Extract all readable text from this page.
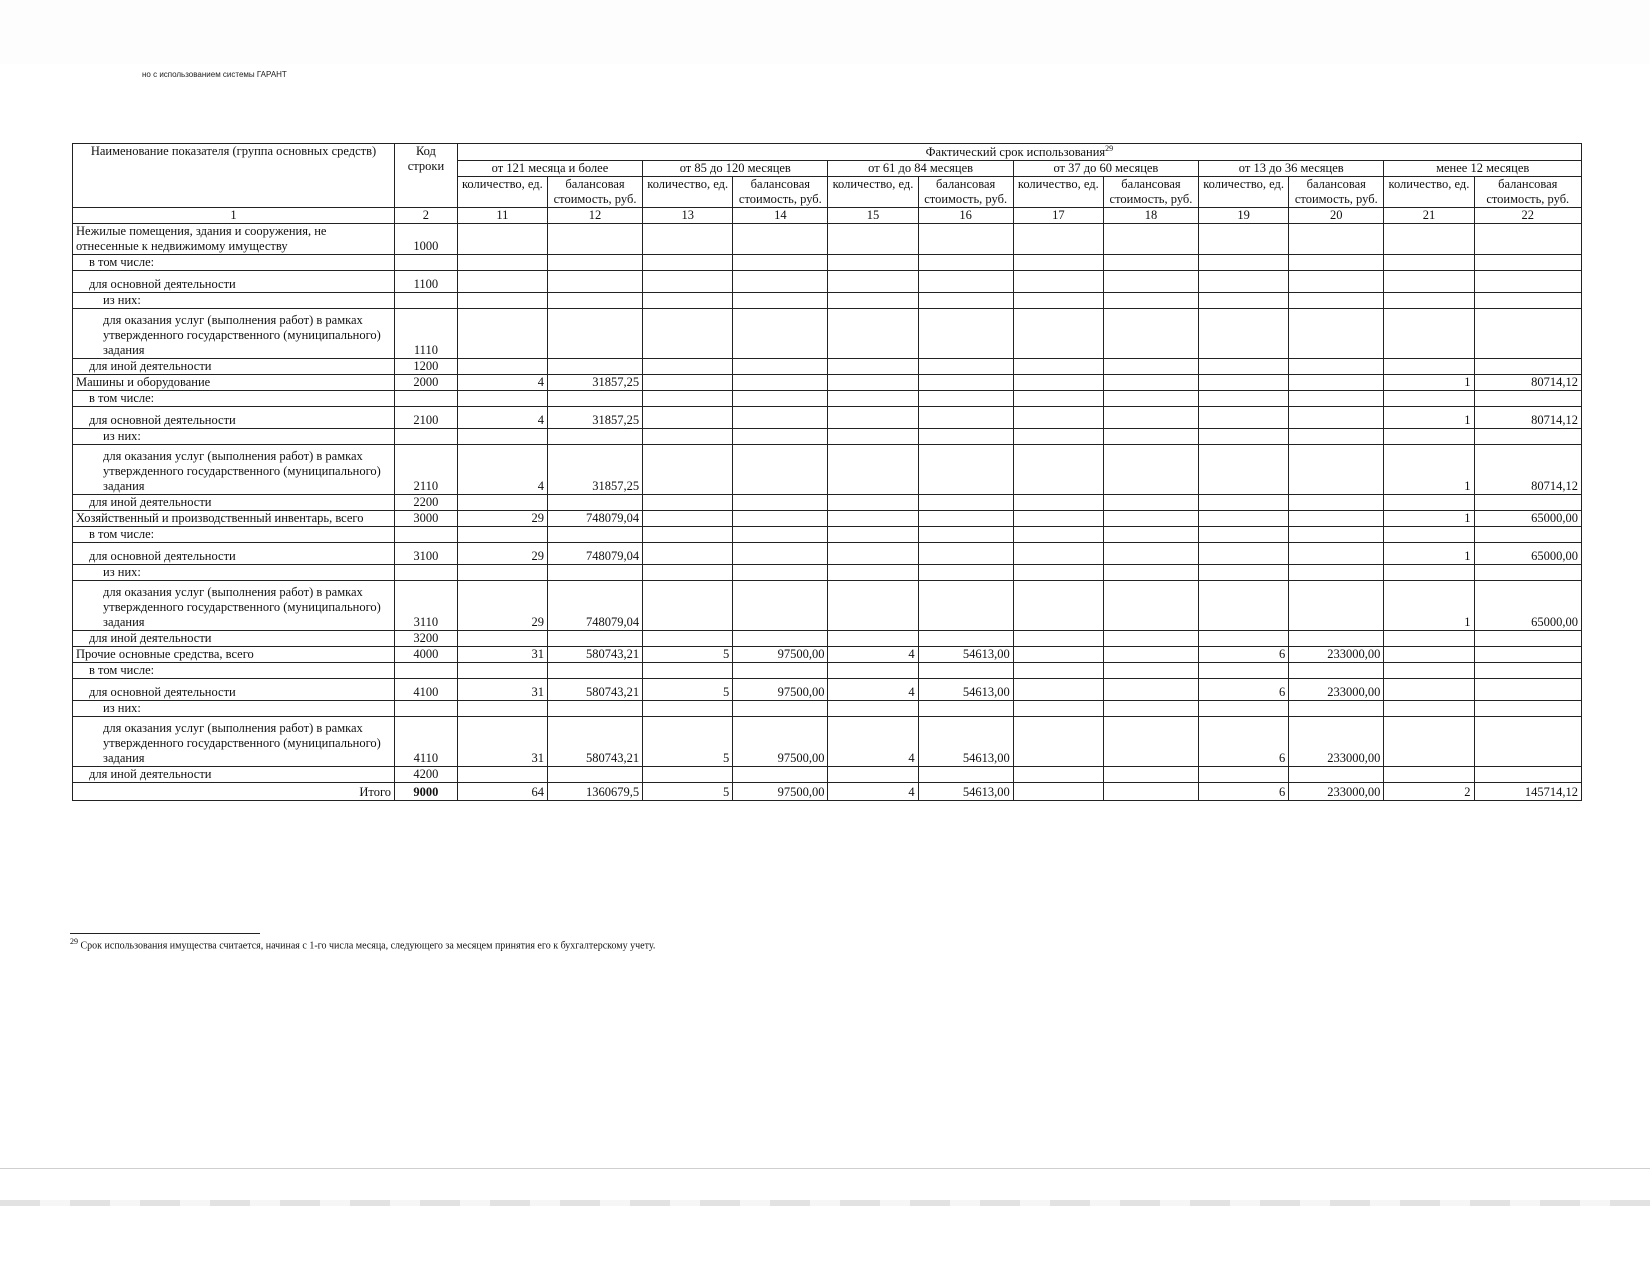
но с использованием системы ГАРАНТ
Наименование показателя (группа основных средств)	Код строки	Фактический срок использования$^{29}$
		от 121 месяца и более		от 85 до 120 месяцев		от 61 до 84 месяцев		от 37 до 60 месяцев		от 13 до 36 месяцев		менее 12 месяцев	
		количество, ед.	балансовая стоимость, руб.	количество, ед.	балансовая стоимость, руб.	количество, ед.	балансовая стоимость, руб.	количество, ед.	балансовая стоимость, руб.	количество, ед.	балансовая стоимость, руб.	количество, ед.	балансовая стоимость, руб.
1	2	11	12	13	14	15	16	17	18	19	20	21	22
Нежилые помещения, здания и сооружения, не отнесенные к недвижимому имуществу	1000												
в том числе:													
для основной деятельности	1100												
из них:													
для оказания услуг (выполнения работ) в рамках утвержденного государственного (муниципального) задания	1110												
для иной деятельности	1200												
Машины и оборудование	2000	4	31857,25									1	80714,12
в том числе:													
для основной деятельности	2100	4	31857,25									1	80714,12
из них:													
для оказания услуг (выполнения работ) в рамках утвержденного государственного (муниципального) задания	2110	4	31857,25									1	80714,12
для иной деятельности	2200												
Хозяйственный и производственный инвентарь, всего	3000	29	748079,04									1	65000,00
в том числе:													
для основной деятельности	3100	29	748079,04									1	65000,00
из них:													
для оказания услуг (выполнения работ) в рамках утвержденного государственного (муниципального) задания	3110	29	748079,04									1	65000,00
для иной деятельности	3200												
Прочие основные средства, всего	4000	31	580743,21	5	97500,00	4	54613,00			6	233000,00		
в том числе:													
для основной деятельности	4100	31	580743,21	5	97500,00	4	54613,00			6	233000,00		
из них:													
для оказания услуг (выполнения работ) в рамках утвержденного государственного (муниципального) задания	4110	31	580743,21	5	97500,00	4	54613,00			6	233000,00		
для иной деятельности	4200												
Итого	9000	64	1360679,5	5	97500,00	4	54613,00			6	233000,00	2	145714,12
$^{29}$ Срок использования имущества считается, начиная с 1-го числа месяца, следующего за месяцем принятия его к бухгалтерскому учету.
